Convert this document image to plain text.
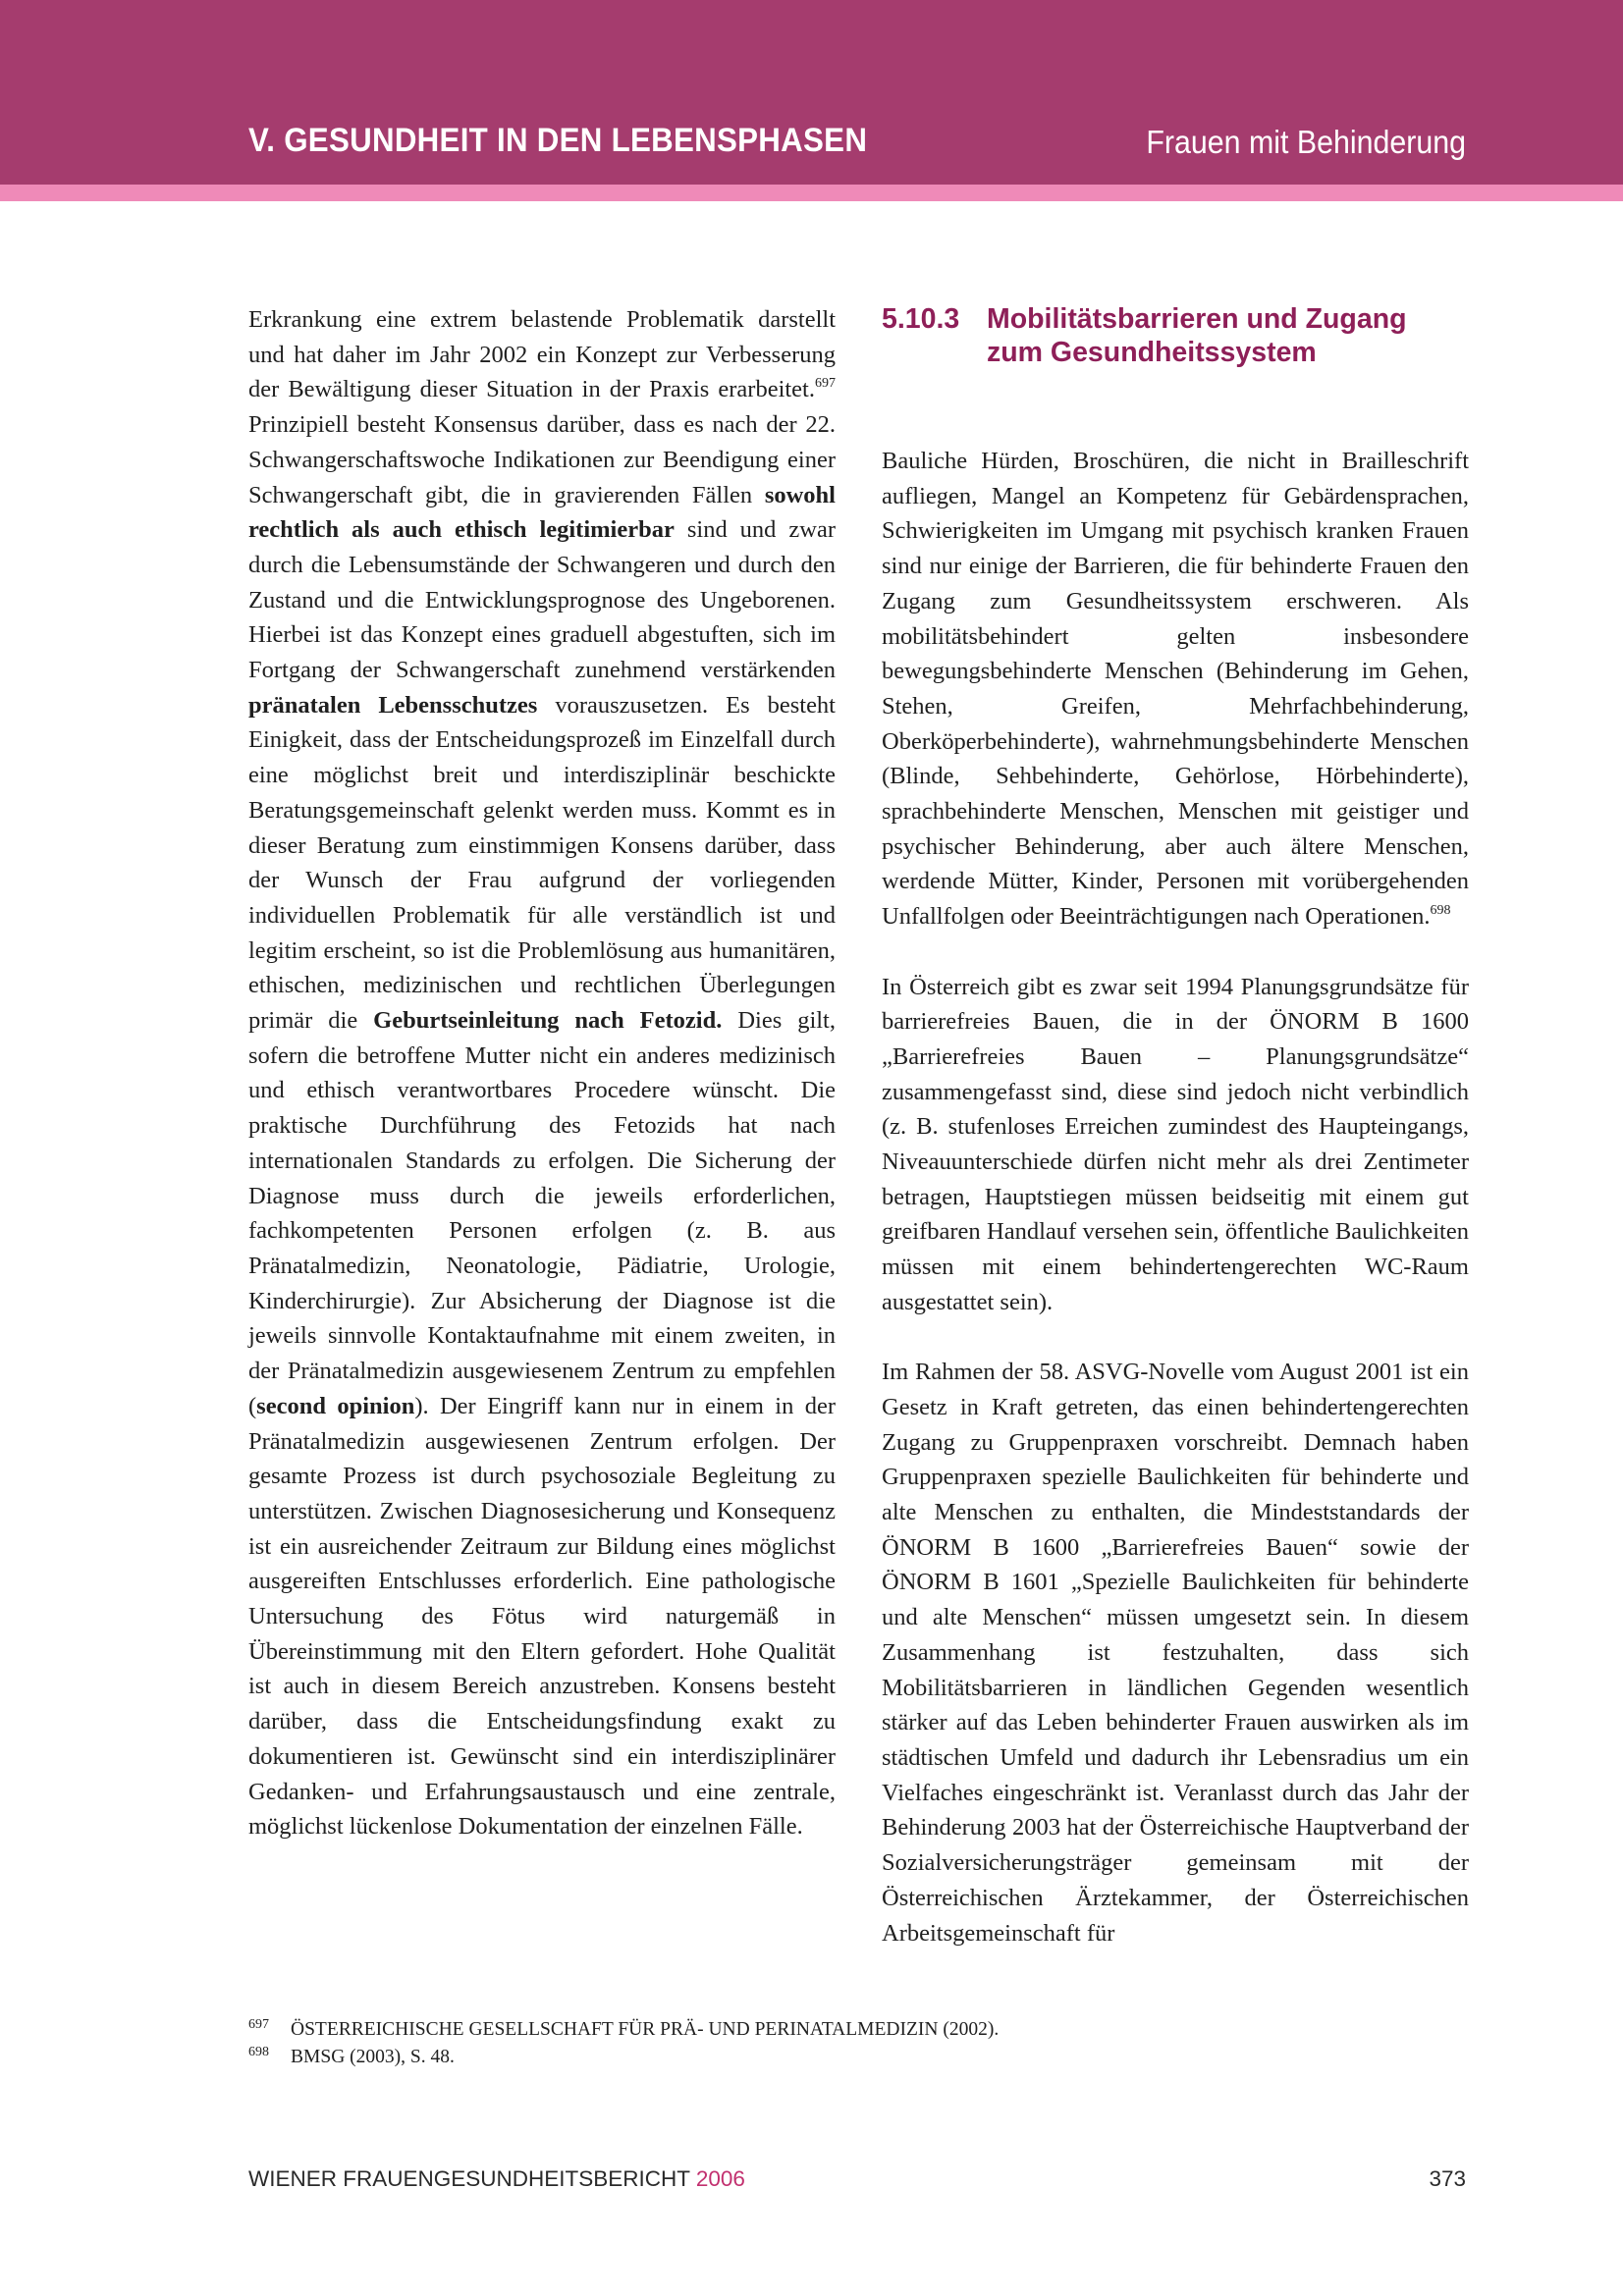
V. GESUNDHEIT IN DEN LEBENSPHASEN	Frauen mit Behinderung

Erkrankung eine extrem belastende Problematik darstellt und hat daher im Jahr 2002 ein Konzept zur Verbesserung der Bewältigung dieser Situation in der Praxis erarbeitet.$^{697}$ Prinzipiell besteht Konsensus darüber, dass es nach der 22. Schwangerschaftswoche Indikationen zur Beendigung einer Schwangerschaft gibt, die in gravierenden Fällen sowohl rechtlich als auch ethisch legitimierbar sind und zwar durch die Lebensumstände der Schwangeren und durch den Zustand und die Entwicklungsprognose des Ungeborenen. Hierbei ist das Konzept eines graduell abgestuften, sich im Fortgang der Schwangerschaft zunehmend verstärkenden pränatalen Lebensschutzes vorauszusetzen. Es besteht Einigkeit, dass der Entscheidungsprozeß im Einzelfall durch eine möglichst breit und interdisziplinär beschickte Beratungsgemeinschaft gelenkt werden muss. Kommt es in dieser Beratung zum einstimmigen Konsens darüber, dass der Wunsch der Frau aufgrund der vorliegenden individuellen Problematik für alle verständlich ist und legitim erscheint, so ist die Problemlösung aus humanitären, ethischen, medizinischen und rechtlichen Überlegungen primär die Geburtseinleitung nach Fetozid. Dies gilt, sofern die betroffene Mutter nicht ein anderes medizinisch und ethisch verantwortbares Procedere wünscht. Die praktische Durchführung des Fetozids hat nach internationalen Standards zu erfolgen. Die Sicherung der Diagnose muss durch die jeweils erforderlichen, fachkompetenten Personen erfolgen (z. B. aus Pränatalmedizin, Neonatologie, Pädiatrie, Urologie, Kinderchirurgie). Zur Absicherung der Diagnose ist die jeweils sinnvolle Kontaktaufnahme mit einem zweiten, in der Pränatalmedizin ausgewiesenem Zentrum zu empfehlen (second opinion). Der Eingriff kann nur in einem in der Pränatalmedizin ausgewiesenen Zentrum erfolgen. Der gesamte Prozess ist durch psychosoziale Begleitung zu unterstützen. Zwischen Diagnosesicherung und Konsequenz ist ein ausreichender Zeitraum zur Bildung eines möglichst ausgereiften Entschlusses erforderlich. Eine pathologische Untersuchung des Fötus wird naturgemäß in Übereinstimmung mit den Eltern gefordert. Hohe Qualität ist auch in diesem Bereich anzustreben. Konsens besteht darüber, dass die Entscheidungsfindung exakt zu dokumentieren ist. Gewünscht sind ein interdisziplinärer Gedanken- und Erfahrungsaustausch und eine zentrale, möglichst lückenlose Dokumentation der einzelnen Fälle.

5.10.3 Mobilitätsbarrieren und Zugang zum Gesundheitssystem

Bauliche Hürden, Broschüren, die nicht in Brailleschrift aufliegen, Mangel an Kompetenz für Gebärdensprachen, Schwierigkeiten im Umgang mit psychisch kranken Frauen sind nur einige der Barrieren, die für behinderte Frauen den Zugang zum Gesundheitssystem erschweren. Als mobilitätsbehindert gelten insbesondere bewegungsbehinderte Menschen (Behinderung im Gehen, Stehen, Greifen, Mehrfachbehinderung, Oberköperbehinderte), wahrnehmungsbehinderte Menschen (Blinde, Sehbehinderte, Gehörlose, Hörbehinderte), sprachbehinderte Menschen, Menschen mit geistiger und psychischer Behinderung, aber auch ältere Menschen, werdende Mütter, Kinder, Personen mit vorübergehenden Unfallfolgen oder Beeinträchtigungen nach Operationen.$^{698}$

In Österreich gibt es zwar seit 1994 Planungsgrundsätze für barrierefreies Bauen, die in der ÖNORM B 1600 „Barrierefreies Bauen – Planungsgrundsätze“ zusammengefasst sind, diese sind jedoch nicht verbindlich (z. B. stufenloses Erreichen zumindest des Haupteingangs, Niveauunterschiede dürfen nicht mehr als drei Zentimeter betragen, Hauptstiegen müssen beidseitig mit einem gut greifbaren Handlauf versehen sein, öffentliche Baulichkeiten müssen mit einem behindertengerechten WC-Raum ausgestattet sein).

Im Rahmen der 58. ASVG-Novelle vom August 2001 ist ein Gesetz in Kraft getreten, das einen behindertengerechten Zugang zu Gruppenpraxen vorschreibt. Demnach haben Gruppenpraxen spezielle Baulichkeiten für behinderte und alte Menschen zu enthalten, die Mindeststandards der ÖNORM B 1600 „Barrierefreies Bauen“ sowie der ÖNORM B 1601 „Spezielle Baulichkeiten für behinderte und alte Menschen“ müssen umgesetzt sein. In diesem Zusammenhang ist festzuhalten, dass sich Mobilitätsbarrieren in ländlichen Gegenden wesentlich stärker auf das Leben behinderter Frauen auswirken als im städtischen Umfeld und dadurch ihr Lebensradius um ein Vielfaches eingeschränkt ist. Veranlasst durch das Jahr der Behinderung 2003 hat der Österreichische Hauptverband der Sozialversicherungsträger gemeinsam mit der Österreichischen Ärztekammer, der Österreichischen Arbeitsgemeinschaft für

697	ÖSTERREICHISCHE GESELLSCHAFT FÜR PRÄ- UND PERINATALMEDIZIN (2002).
698	BMSG (2003), S. 48.
WIENER FRAUENGESUNDHEITSBERICHT 2006	373
